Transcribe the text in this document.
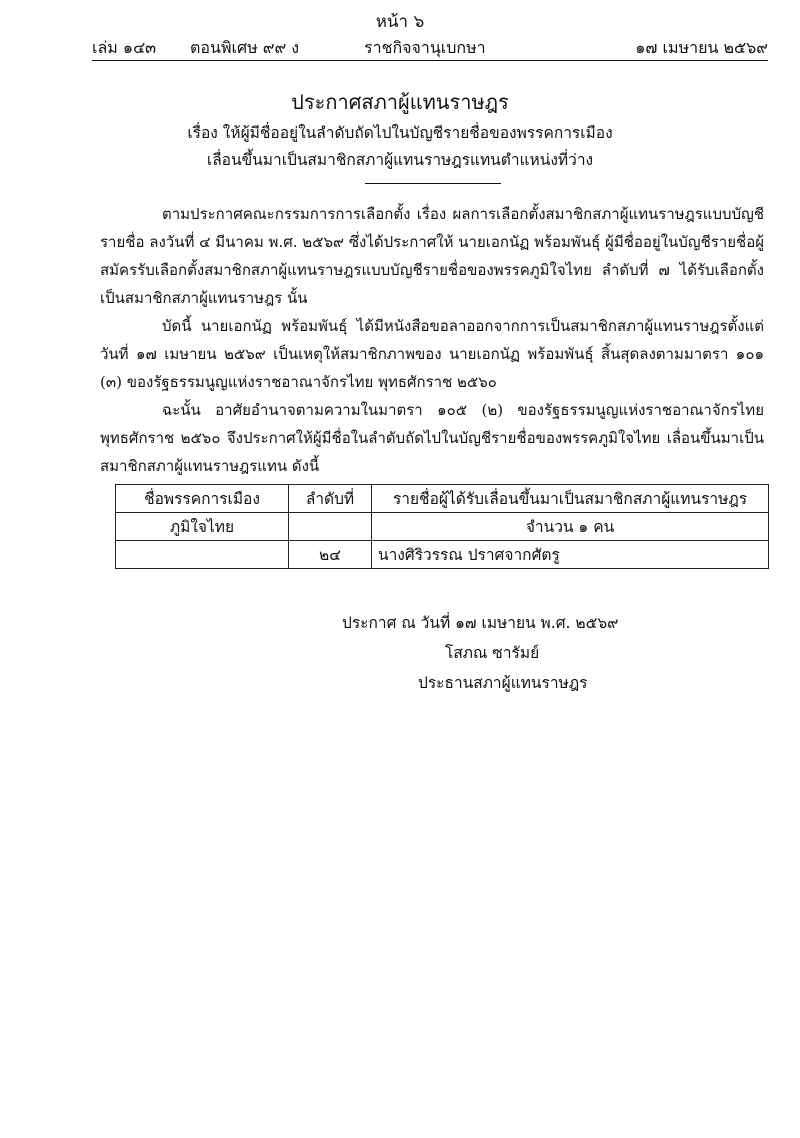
หน้า ๖
เล่ม ๑๔๓ ตอนพิเศษ ๙๙ ง	ราชกิจจานุเบกษา	๑๗ เมษายน ๒๕๖๙
ประกาศสภาผู้แทนราษฎร
เรื่อง ให้ผู้มีชื่ออยู่ในลำดับถัดไปในบัญชีรายชื่อของพรรคการเมือง
เลื่อนขึ้นมาเป็นสมาชิกสภาผู้แทนราษฎรแทนตำแหน่งที่ว่าง

ตามประกาศคณะกรรมการการเลือกตั้ง เรื่อง ผลการเลือกตั้งสมาชิกสภาผู้แทนราษฎรแบบบัญชีรายชื่อ ลงวันที่ ๔ มีนาคม พ.ศ. ๒๕๖๙ ซึ่งได้ประกาศให้ นายเอกนัฏ พร้อมพันธุ์ ผู้มีชื่ออยู่ในบัญชีรายชื่อผู้สมัครรับเลือกตั้งสมาชิกสภาผู้แทนราษฎรแบบบัญชีรายชื่อของพรรคภูมิใจไทย ลำดับที่ ๗ ได้รับเลือกตั้งเป็นสมาชิกสภาผู้แทนราษฎร นั้น

บัดนี้ นายเอกนัฏ พร้อมพันธุ์ ได้มีหนังสือขอลาออกจากการเป็นสมาชิกสภาผู้แทนราษฎรตั้งแต่วันที่ ๑๗ เมษายน ๒๕๖๙ เป็นเหตุให้สมาชิกภาพของ นายเอกนัฏ พร้อมพันธุ์ สิ้นสุดลงตามมาตรา ๑๐๑ (๓) ของรัฐธรรมนูญแห่งราชอาณาจักรไทย พุทธศักราช ๒๕๖๐

ฉะนั้น อาศัยอำนาจตามความในมาตรา ๑๐๕ (๒) ของรัฐธรรมนูญแห่งราชอาณาจักรไทยพุทธศักราช ๒๕๖๐ จึงประกาศให้ผู้มีชื่อในลำดับถัดไปในบัญชีรายชื่อของพรรคภูมิใจไทย เลื่อนขึ้นมาเป็นสมาชิกสภาผู้แทนราษฎรแทน ดังนี้

ชื่อพรรคการเมือง	ลำดับที่	รายชื่อผู้ได้รับเลื่อนขึ้นมาเป็นสมาชิกสภาผู้แทนราษฎร
ภูมิใจไทย		จำนวน ๑ คน
	๒๔	นางศิริวรรณ ปราศจากศัตรู
ประกาศ ณ วันที่ ๑๗ เมษายน พ.ศ. ๒๕๖๙
โสภณ ซารัมย์
ประธานสภาผู้แทนราษฎร
